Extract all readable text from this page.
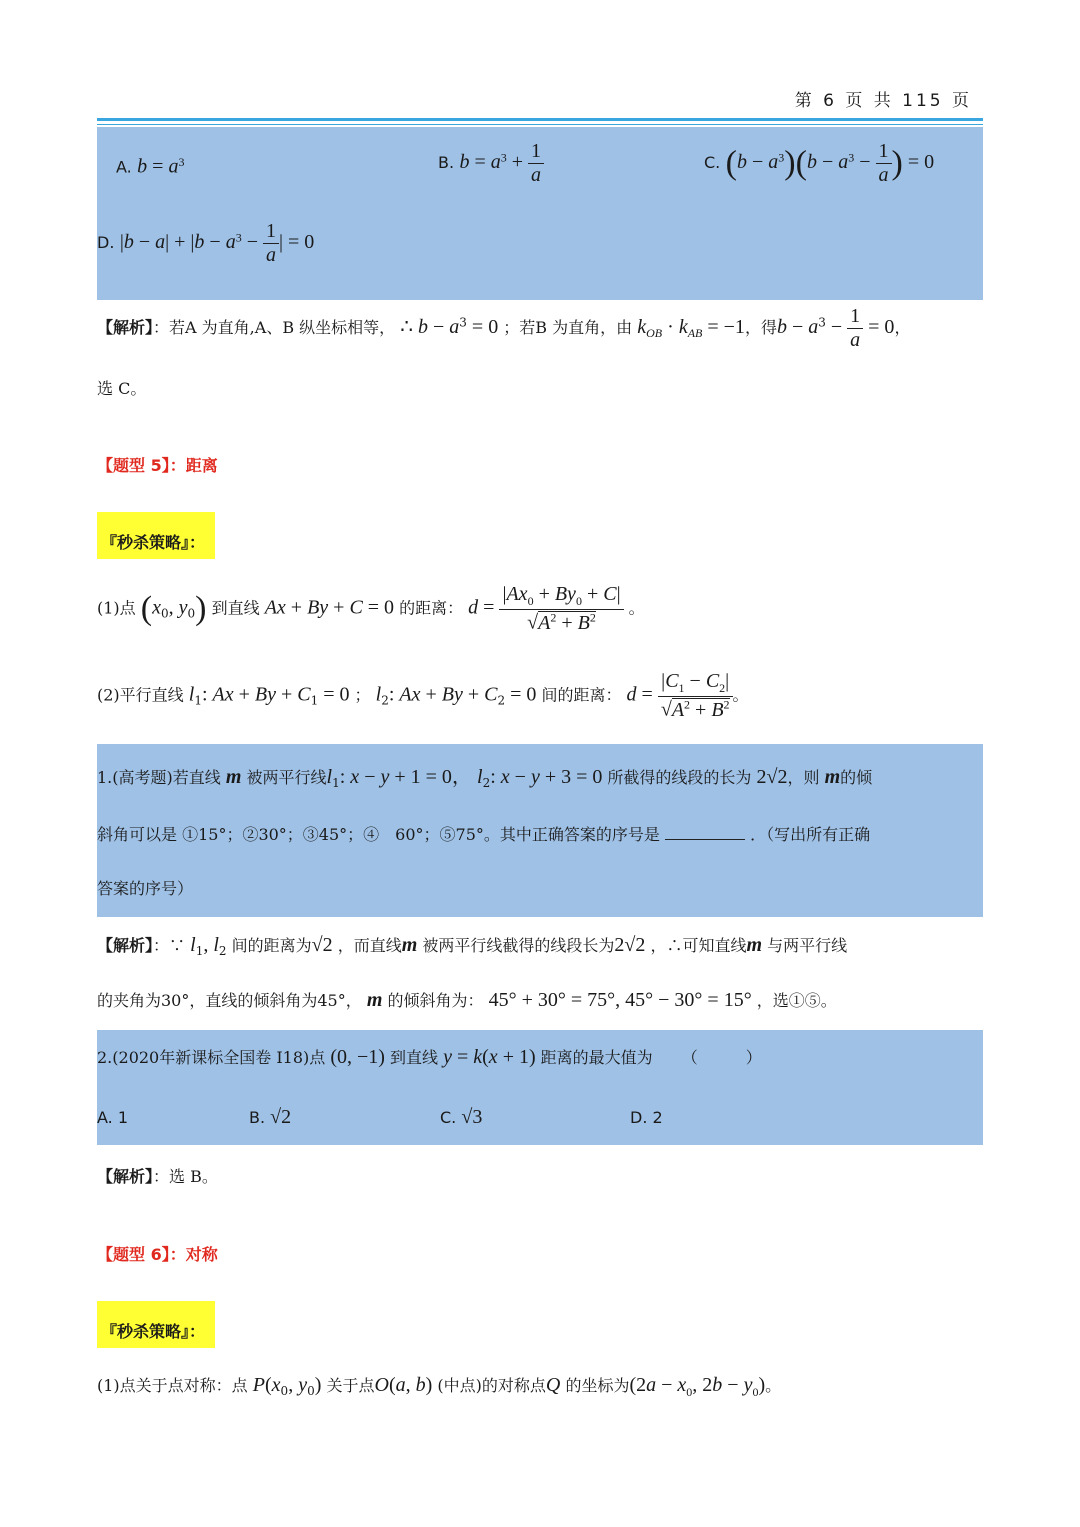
第 6 页 共 115 页
A. $b = a^3$	B. $b = a^3 + \frac{1}{a}$	C. $(b - a^3)(b - a^3 - \frac{1}{a}$ ) = 0
D. $|b - a| + |b - a^3 - \frac{1}{a}$ | = 0
【解析】：若A 为直角,A、B 纵坐标相等， ∴ $b - a^3 = 0$ ；若B 为直角，由 $k_{OB} \cdot k_{AB} = -1$，得$b - a^3 - \frac{1}{a} = 0$，
选 C。
【题型 5】：距离
『秒杀策略』：
(1)点 ($x_0$, $y_0$) 到直线 Ax + By + C = 0 的距离： $d = \frac{|Ax_0 + By_0 + C|}{√A^2 + B^2}$ 。
(2)平行直线 $l_1$: $Ax + By + C_1 = 0$ ； $l_2$: $Ax + By + C_2 = 0$ 间的距离： $d = \frac{|C_1 - C_2|}{√A^2 + B^2}$ 。
1.(高考题)若直线 m 被两平行线$l_1$: x − y + 1 = 0， $l_2$: x − y + 3 = 0 所截得的线段的长为 2√2，则 m的倾
斜角可以是 ①15°；②30°；③45°；④　60°；⑤75°。其中正确答案的序号是	．（写出所有正确
答案的序号）
【解析】：∵ $l_1$, $l_2$ 间的距离为√2 ，而直线m 被两平行线截得的线段长为2√2 ，∴可知直线m 与两平行线
的夹角为30°，直线的倾斜角为45°， m 的倾斜角为： 45° + 30° = 75°, 45° − 30° = 15° ，选①⑤。
2.(2020年新课标全国卷 Ⅰ18)点 (0, −1) 到直线 y = k(x + 1) 距离的最大值为 （　　　）
A. 1	B. √2	C. √3	D. 2
【解析】：选 B。
【题型 6】：对称
『秒杀策略』：
(1)点关于点对称：点 $P(x_0$, $y_0$) 关于点O(a, b) (中点)的对称点Q 的坐标为($2a - x_0$, $2b - y_0$)。
